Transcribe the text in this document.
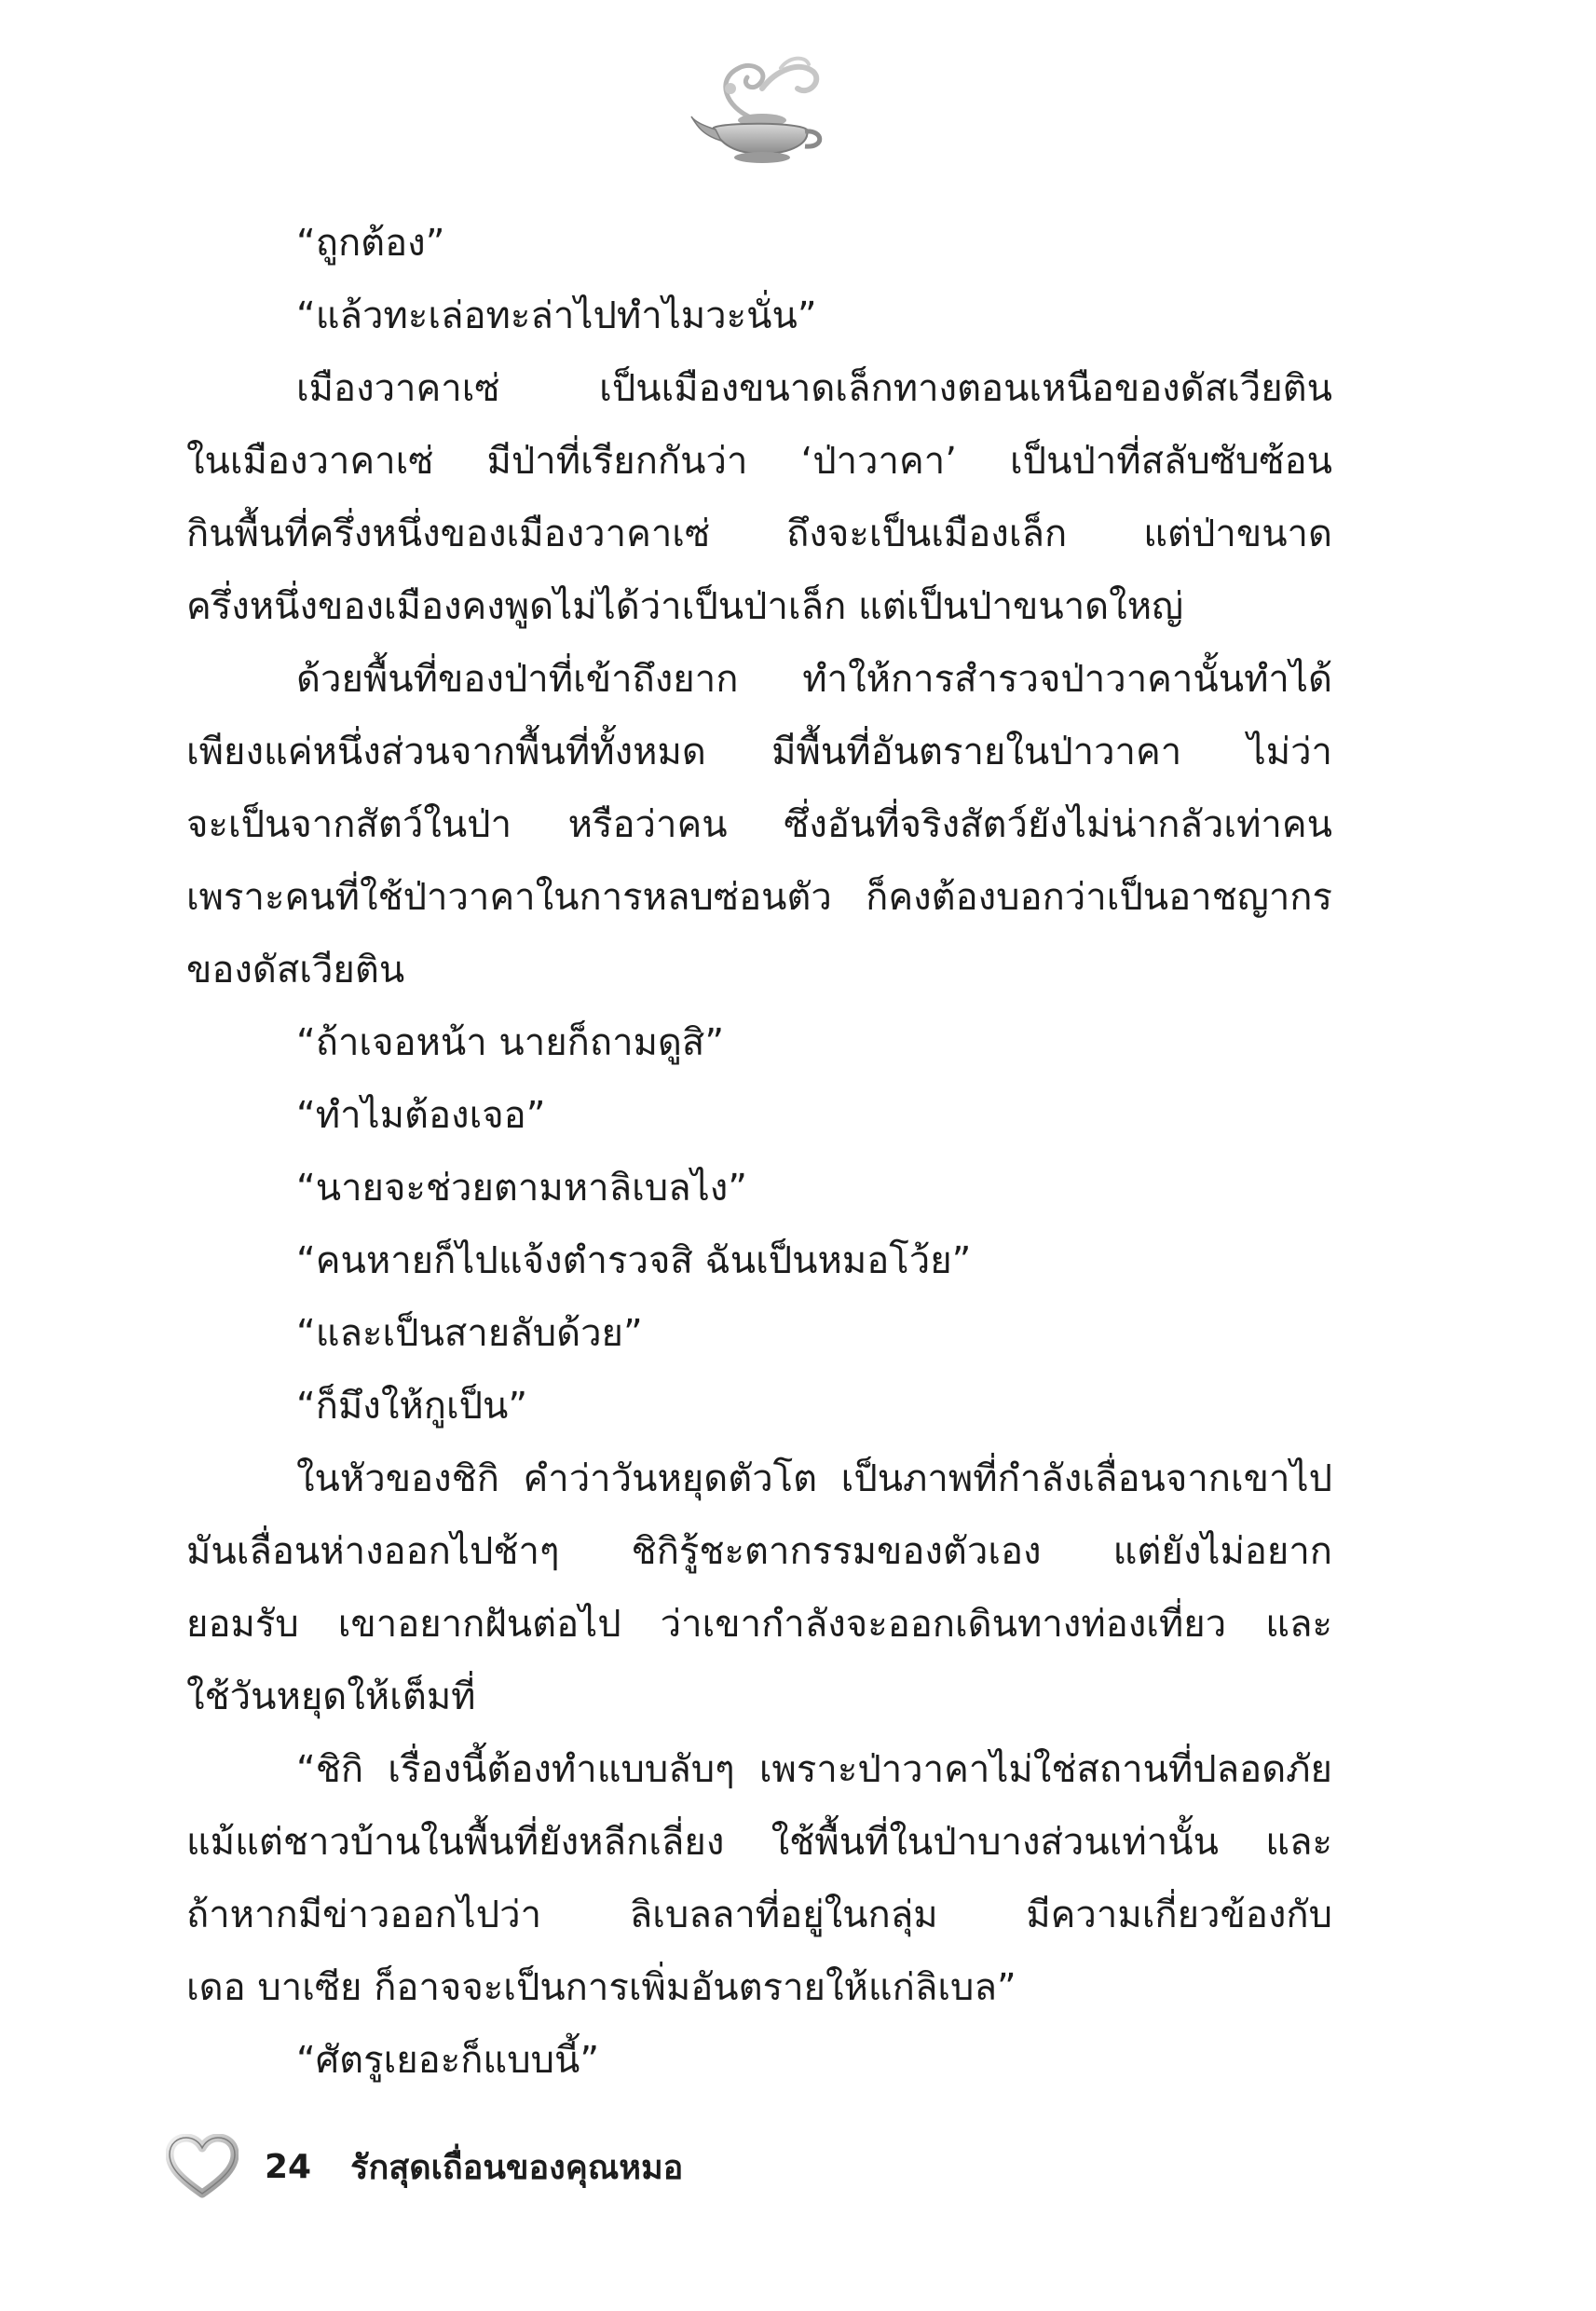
“ถูกต้อง”
“แล้วทะเล่อทะล่าไปทำไมวะนั่น”
เมืองวาคาเซ่ เป็นเมืองขนาดเล็กทางตอนเหนือของดัสเวียติน
ในเมืองวาคาเซ่ มีป่าที่เรียกกันว่า ‘ป่าวาคา’ เป็นป่าที่สลับซับซ้อน
กินพื้นที่ครึ่งหนึ่งของเมืองวาคาเซ่ ถึงจะเป็นเมืองเล็ก แต่ป่าขนาด
ครึ่งหนึ่งของเมืองคงพูดไม่ได้ว่าเป็นป่าเล็ก แต่เป็นป่าขนาดใหญ่
ด้วยพื้นที่ของป่าที่เข้าถึงยาก ทำให้การสำรวจป่าวาคานั้นทำได้
เพียงแค่หนึ่งส่วนจากพื้นที่ทั้งหมด มีพื้นที่อันตรายในป่าวาคา ไม่ว่า
จะเป็นจากสัตว์ในป่า หรือว่าคน ซึ่งอันที่จริงสัตว์ยังไม่น่ากลัวเท่าคน
เพราะคนที่ใช้ป่าวาคาในการหลบซ่อนตัว ก็คงต้องบอกว่าเป็นอาชญากร
ของดัสเวียติน
“ถ้าเจอหน้า นายก็ถามดูสิ”
“ทำไมต้องเจอ”
“นายจะช่วยตามหาลิเบลไง”
“คนหายก็ไปแจ้งตำรวจสิ ฉันเป็นหมอโว้ย”
“และเป็นสายลับด้วย”
“ก็มึงให้กูเป็น”
ในหัวของชิกิ คำว่าวันหยุดตัวโต เป็นภาพที่กำลังเลื่อนจากเขาไป
มันเลื่อนห่างออกไปช้าๆ ชิกิรู้ชะตากรรมของตัวเอง แต่ยังไม่อยาก
ยอมรับ เขาอยากฝันต่อไป ว่าเขากำลังจะออกเดินทางท่องเที่ยว และ
ใช้วันหยุดให้เต็มที่
“ชิกิ เรื่องนี้ต้องทำแบบลับๆ เพราะป่าวาคาไม่ใช่สถานที่ปลอดภัย
แม้แต่ชาวบ้านในพื้นที่ยังหลีกเลี่ยง ใช้พื้นที่ในป่าบางส่วนเท่านั้น และ
ถ้าหากมีข่าวออกไปว่า ลิเบลลาที่อยู่ในกลุ่ม มีความเกี่ยวข้องกับ
เดอ บาเซีย ก็อาจจะเป็นการเพิ่มอันตรายให้แก่ลิเบล”
“ศัตรูเยอะก็แบบนี้”
24 รักสุดเถื่อนของคุณหมอ
